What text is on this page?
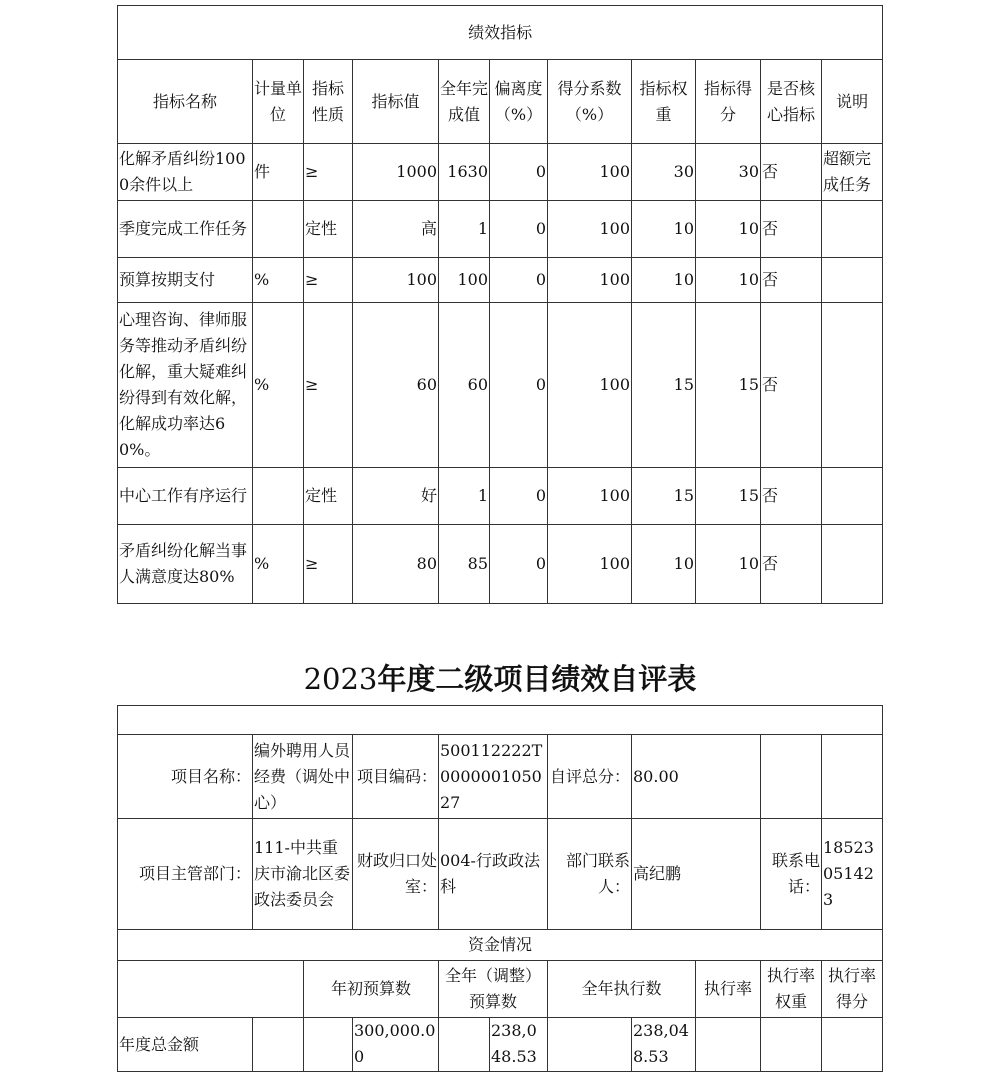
绩效指标										
指标名称	计量单位	指标性质	指标值	全年完成值	偏离度（%）	得分系数（%）	指标权重	指标得分	是否核心指标	说明
化解矛盾纠纷1000余件以上	件	≥	1000	1630	0	100	30	30	否	超额完成任务
季度完成工作任务		定性	高	1	0	100	10	10	否	
预算按期支付	%	≥	100	100	0	100	10	10	否	
心理咨询、律师服务等推动矛盾纠纷化解，重大疑难纠纷得到有效化解，化解成功率达60%。	%	≥	60	60	0	100	15	15	否	
中心工作有序运行		定性	好	1	0	100	15	15	否	
矛盾纠纷化解当事人满意度达80%	%	≥	80	85	0	100	10	10	否	
2023年度二级项目绩效自评表

项目名称：	编外聘用人员经费（调处中心）		项目编码：	500112222T000000105027		自评总分：	80.00			
项目主管部门：	111-中共重庆市渝北区委政法委员会		财政归口处室：	004-行政政法科		部门联系人：	高纪鹏		联系电话：	18523051423
资金情况										
		年初预算数		全年（调整）预算数		全年执行数		执行率	执行率权重	执行率得分
年度总金额			300,000.00		238,048.53		238,048.53			
